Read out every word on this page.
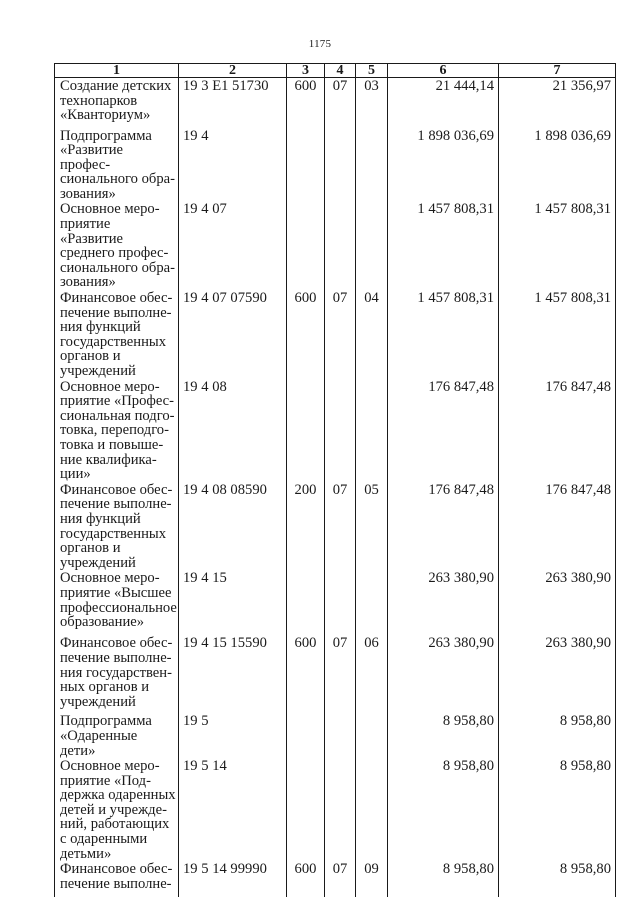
1175
1	2	3	4	5	6	7
Создание детских технопарков «Кванториум»	19 3 E1 51730	600	07	03	21 444,14	21 356,97
Подпрограмма «Развитие профессионального образования»	19 4				1 898 036,69	1 898 036,69
Основное мероприятие «Развитие среднего профессионального образования»	19 4 07				1 457 808,31	1 457 808,31
Финансовое обеспечение выполнения функций государственных органов и учреждений	19 4 07 07590	600	07	04	1 457 808,31	1 457 808,31
Основное мероприятие «Профессиональная подготовка, переподготовка и повышение квалификации»	19 4 08				176 847,48	176 847,48
Финансовое обеспечение выполнения функций государственных органов и учреждений	19 4 08 08590	200	07	05	176 847,48	176 847,48
Основное мероприятие «Высшее профессиональное образование»	19 4 15				263 380,90	263 380,90
Финансовое обеспечение выполнения государственных органов и учреждений	19 4 15 15590	600	07	06	263 380,90	263 380,90
Подпрограмма «Одаренные дети»	19 5				8 958,80	8 958,80
Основное мероприятие «Поддержка одаренных детей и учреждений, работающих с одаренными детьми»	19 5 14				8 958,80	8 958,80
Финансовое обеспечение выполне-	19 5 14 99990	600	07	09	8 958,80	8 958,80
